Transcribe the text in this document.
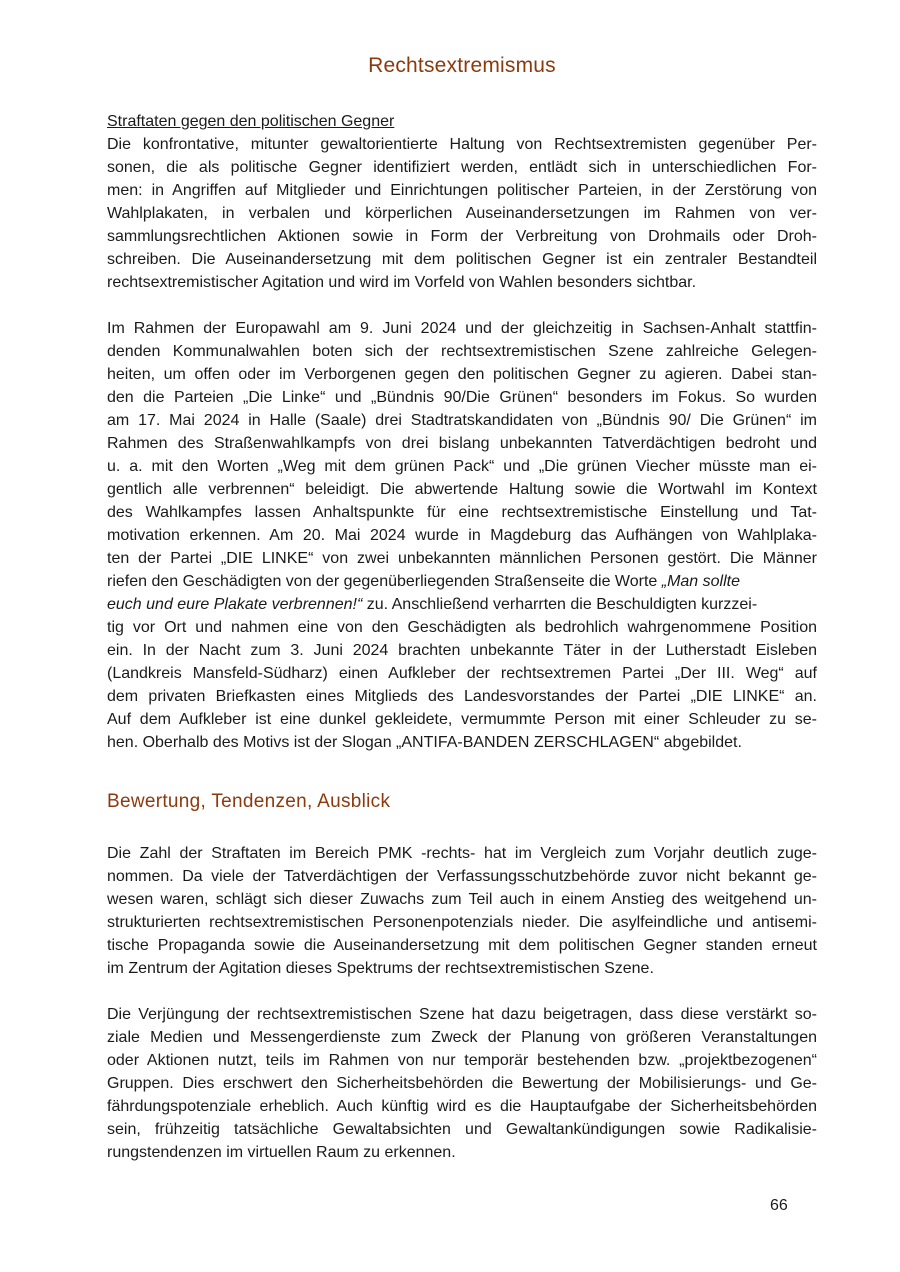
Rechtsextremismus
Straftaten gegen den politischen Gegner

Die konfrontative, mitunter gewaltorientierte Haltung von Rechtsextremisten gegenüber Per-
sonen, die als politische Gegner identifiziert werden, entlädt sich in unterschiedlichen For-
men: in Angriffen auf Mitglieder und Einrichtungen politischer Parteien, in der Zerstörung von
Wahlplakaten, in verbalen und körperlichen Auseinandersetzungen im Rahmen von ver-
sammlungsrechtlichen Aktionen sowie in Form der Verbreitung von Drohmails oder Droh-
schreiben. Die Auseinandersetzung mit dem politischen Gegner ist ein zentraler Bestandteil
rechtsextremistischer Agitation und wird im Vorfeld von Wahlen besonders sichtbar.

Im Rahmen der Europawahl am 9. Juni 2024 und der gleichzeitig in Sachsen-Anhalt stattfin-
denden Kommunalwahlen boten sich der rechtsextremistischen Szene zahlreiche Gelegen-
heiten, um offen oder im Verborgenen gegen den politischen Gegner zu agieren. Dabei stan-
den die Parteien „Die Linke“ und „Bündnis 90/Die Grünen“ besonders im Fokus. So wurden
am 17. Mai 2024 in Halle (Saale) drei Stadtratskandidaten von „Bündnis 90/ Die Grünen“ im
Rahmen des Straßenwahlkampfs von drei bislang unbekannten Tatverdächtigen bedroht und
u. a. mit den Worten „Weg mit dem grünen Pack“ und „Die grünen Viecher müsste man ei-
gentlich alle verbrennen“ beleidigt. Die abwertende Haltung sowie die Wortwahl im Kontext
des Wahlkampfes lassen Anhaltspunkte für eine rechtsextremistische Einstellung und Tat-
motivation erkennen. Am 20. Mai 2024 wurde in Magdeburg das Aufhängen von Wahlplaka-
ten der Partei „DIE LINKE“ von zwei unbekannten männlichen Personen gestört. Die Männer
riefen den Geschädigten von der gegenüberliegenden Straßenseite die Worte „Man sollte
euch und eure Plakate verbrennen!“ zu. Anschließend verharrten die Beschuldigten kurzzei-
tig vor Ort und nahmen eine von den Geschädigten als bedrohlich wahrgenommene Position
ein. In der Nacht zum 3. Juni 2024 brachten unbekannte Täter in der Lutherstadt Eisleben
(Landkreis Mansfeld-Südharz) einen Aufkleber der rechtsextremen Partei „Der III. Weg“ auf
dem privaten Briefkasten eines Mitglieds des Landesvorstandes der Partei „DIE LINKE“ an.
Auf dem Aufkleber ist eine dunkel gekleidete, vermummte Person mit einer Schleuder zu se-
hen. Oberhalb des Motivs ist der Slogan „ANTIFA-BANDEN ZERSCHLAGEN“ abgebildet.

Bewertung, Tendenzen, Ausblick

Die Zahl der Straftaten im Bereich PMK -rechts- hat im Vergleich zum Vorjahr deutlich zuge-
nommen. Da viele der Tatverdächtigen der Verfassungsschutzbehörde zuvor nicht bekannt ge-
wesen waren, schlägt sich dieser Zuwachs zum Teil auch in einem Anstieg des weitgehend un-
strukturierten rechtsextremistischen Personenpotenzials nieder. Die asylfeindliche und antisemi-
tische Propaganda sowie die Auseinandersetzung mit dem politischen Gegner standen erneut
im Zentrum der Agitation dieses Spektrums der rechtsextremistischen Szene.

Die Verjüngung der rechtsextremistischen Szene hat dazu beigetragen, dass diese verstärkt so-
ziale Medien und Messengerdienste zum Zweck der Planung von größeren Veranstaltungen
oder Aktionen nutzt, teils im Rahmen von nur temporär bestehenden bzw. „projektbezogenen“
Gruppen. Dies erschwert den Sicherheitsbehörden die Bewertung der Mobilisierungs- und Ge-
fährdungspotenziale erheblich. Auch künftig wird es die Hauptaufgabe der Sicherheitsbehörden
sein, frühzeitig tatsächliche Gewaltabsichten und Gewaltankündigungen sowie Radikalisie-
rungstendenzen im virtuellen Raum zu erkennen.

66
